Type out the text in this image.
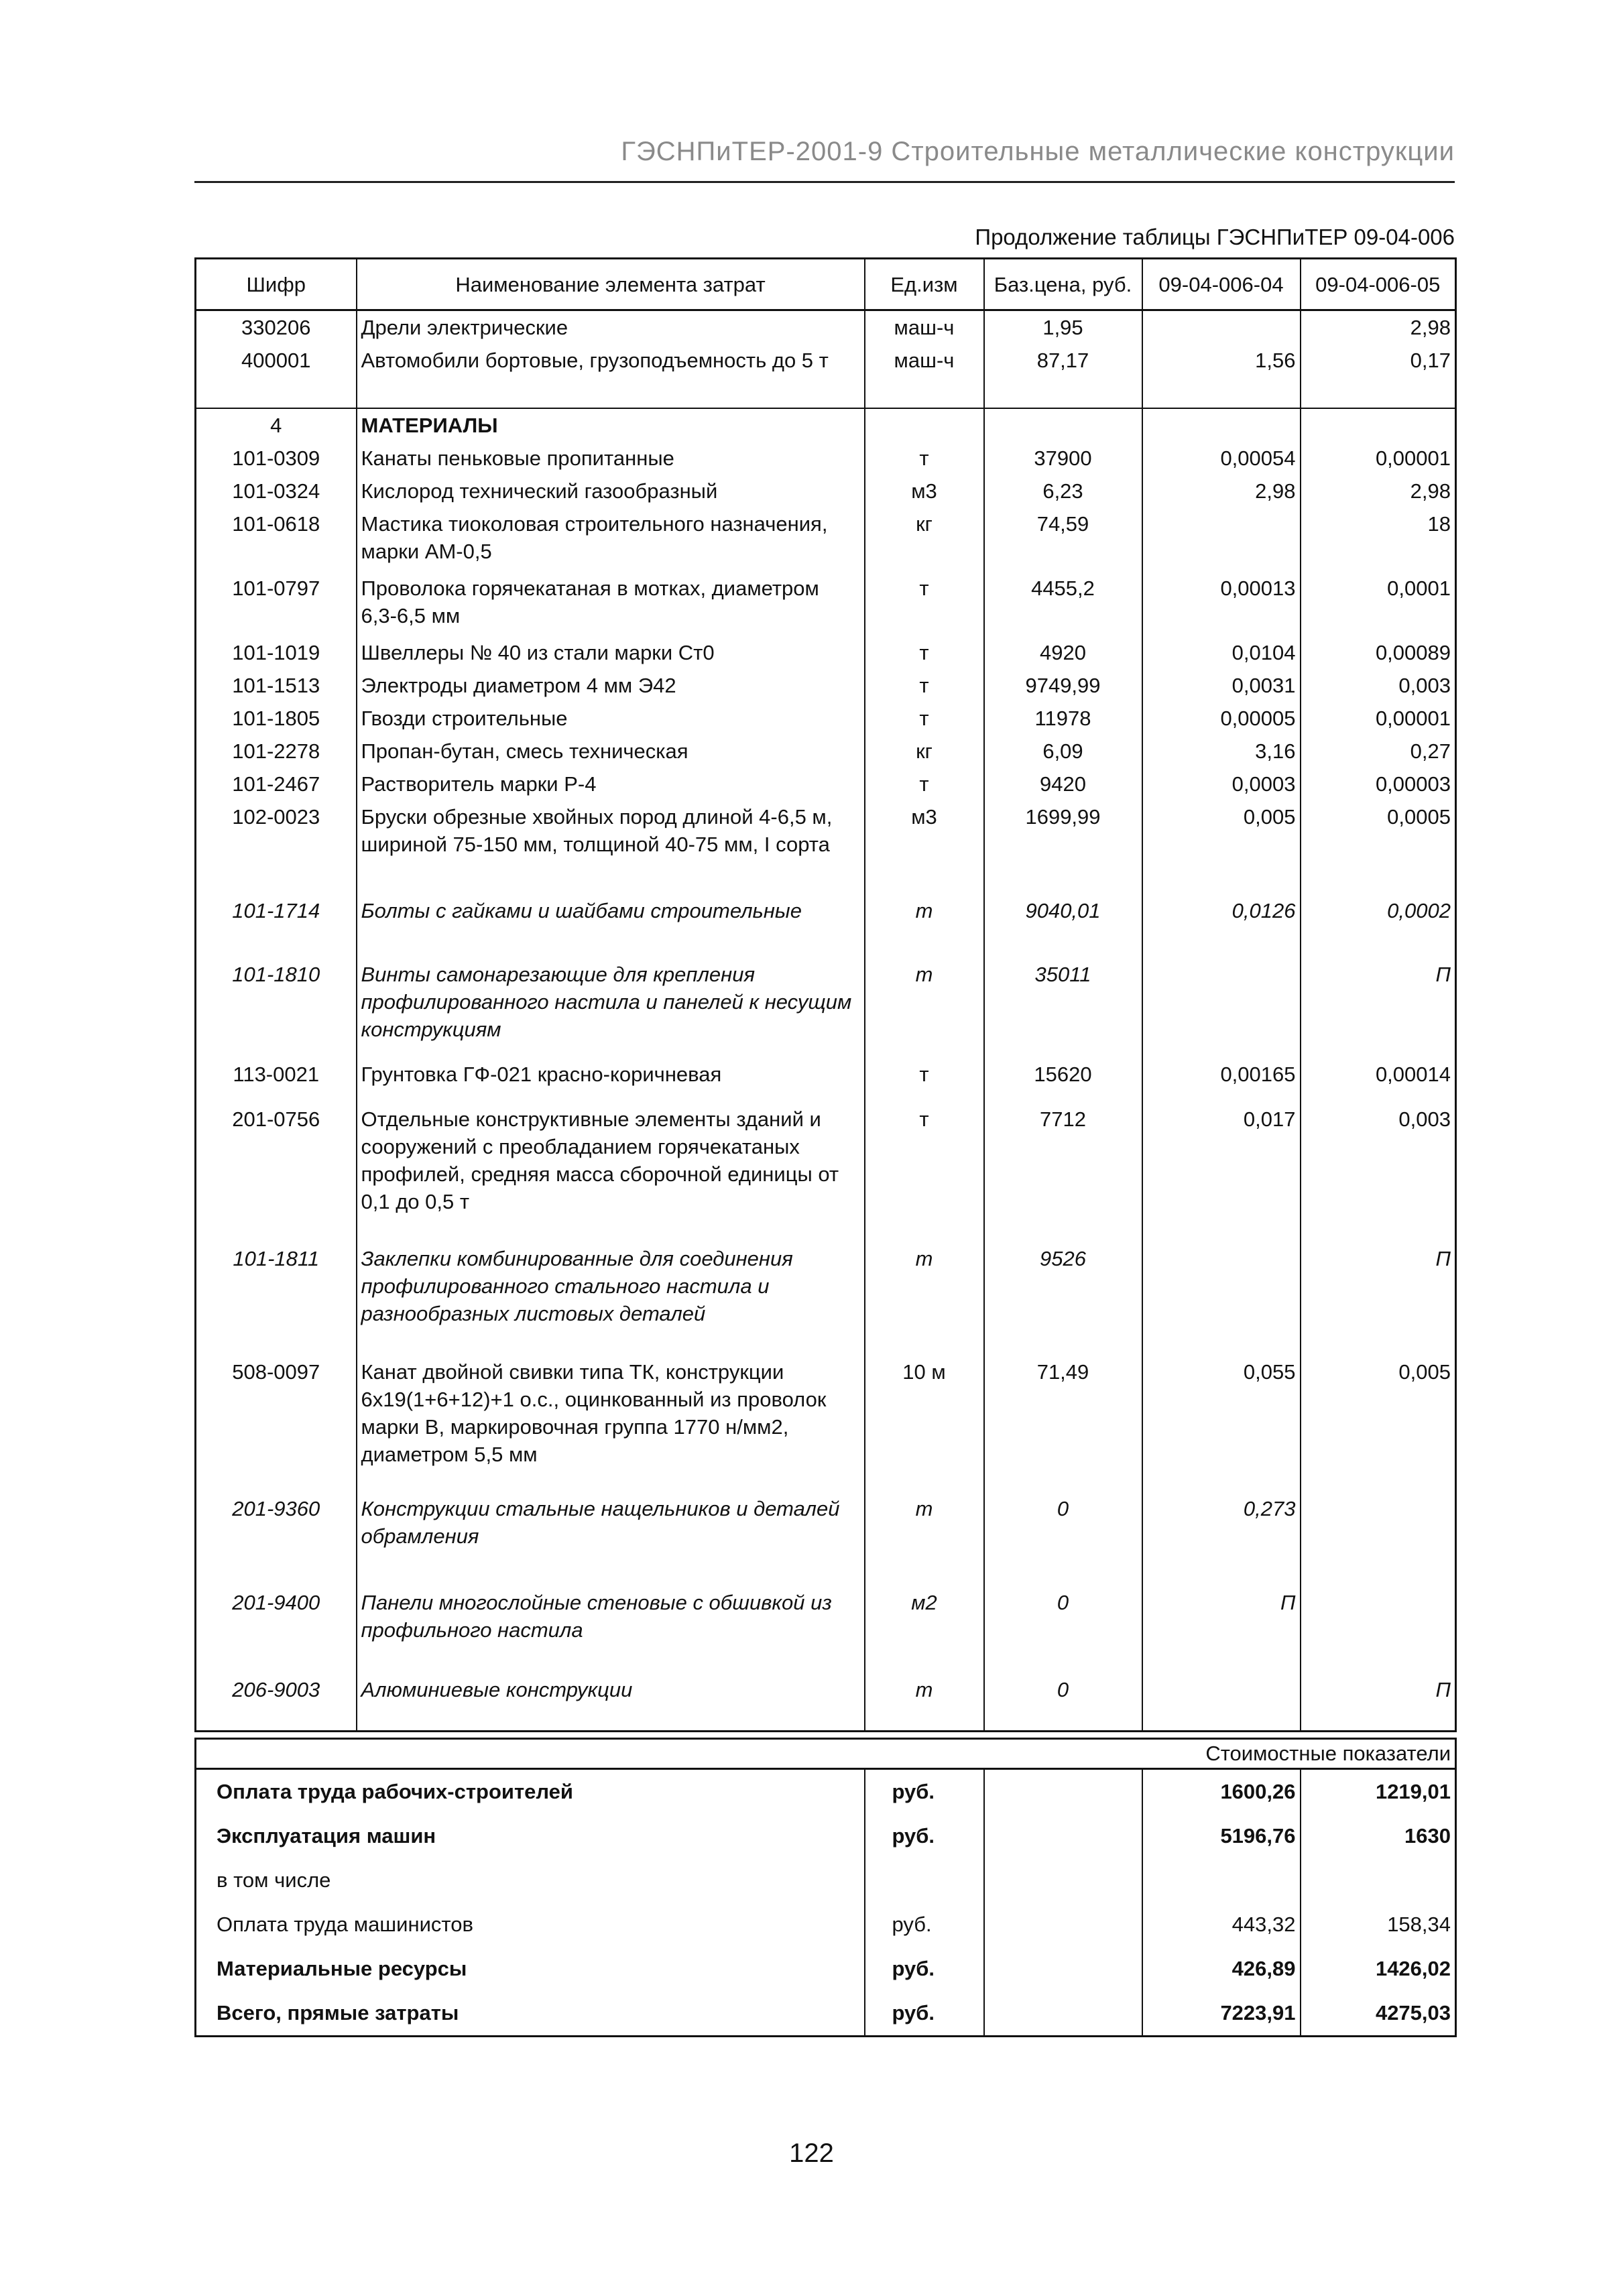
ГЭСНПиТЕР-2001-9 Строительные металлические конструкции
Продолжение таблицы ГЭСНПиТЕР 09-04-006
Шифр	Наименование элемента затрат	Ед.изм	Баз.цена, руб.	09-04-006-04	09-04-006-05
330206	Дрели электрические	маш-ч	1,95		2,98
400001	Автомобили бортовые, грузоподъемность до 5 т	маш-ч	87,17	1,56	0,17

4	МАТЕРИАЛЫ				
101-0309	Канаты пеньковые пропитанные	т	37900	0,00054	0,00001
101-0324	Кислород технический газообразный	м3	6,23	2,98	2,98
101-0618	Мастика тиоколовая строительного назначения, марки АМ-0,5	кг	74,59		18

101-0797	Проволока горячекатаная в мотках, диаметром 6,3-6,5 мм	т	4455,2	0,00013	0,0001

101-1019	Швеллеры № 40 из стали марки Ст0	т	4920	0,0104	0,00089
101-1513	Электроды диаметром 4 мм Э42	т	9749,99	0,0031	0,003
101-1805	Гвозди строительные	т	11978	0,00005	0,00001
101-2278	Пропан-бутан, смесь техническая	кг	6,09	3,16	0,27
101-2467	Растворитель марки Р-4	т	9420	0,0003	0,00003
102-0023	Бруски обрезные хвойных пород длиной 4-6,5 м, шириной 75-150 мм, толщиной 40-75 мм, I сорта	м3	1699,99	0,005	0,0005

101-1714	Болты с гайками и шайбами строительные	т	9040,01	0,0126	0,0002

101-1810	Винты самонарезающие для крепления профилированного настила и панелей к несущим конструкциям	т	35011		П

113-0021	Грунтовка ГФ-021 красно-коричневая	т	15620	0,00165	0,00014

201-0756	Отдельные конструктивные элементы зданий и сооружений с преобладанием горячекатаных профилей, средняя масса сборочной единицы от 0,1 до 0,5 т	т	7712	0,017	0,003

101-1811	Заклепки комбинированные для соединения профилированного стального настила и разнообразных листовых деталей	т	9526		П

508-0097	Канат двойной свивки типа ТК, конструкции 6х19(1+6+12)+1 о.с., оцинкованный из проволок марки В, маркировочная группа 1770 н/мм2, диаметром 5,5 мм	10 м	71,49	0,055	0,005

201-9360	Конструкции стальные нащельников и деталей обрамления	т	0	0,273	

201-9400	Панели многослойные стеновые с обшивкой из профильного настила	м2	0	П	

206-9003	Алюминиевые конструкции	т	0		П

			Стоимостные показатели	
Оплата труда рабочих-строителей	руб.		1600,26	1219,01
Эксплуатация машин	руб.		5196,76	1630
в том числе				
Оплата труда машинистов	руб.		443,32	158,34
Материальные ресурсы	руб.		426,89	1426,02
Всего, прямые затраты	руб.		7223,91	4275,03
122
